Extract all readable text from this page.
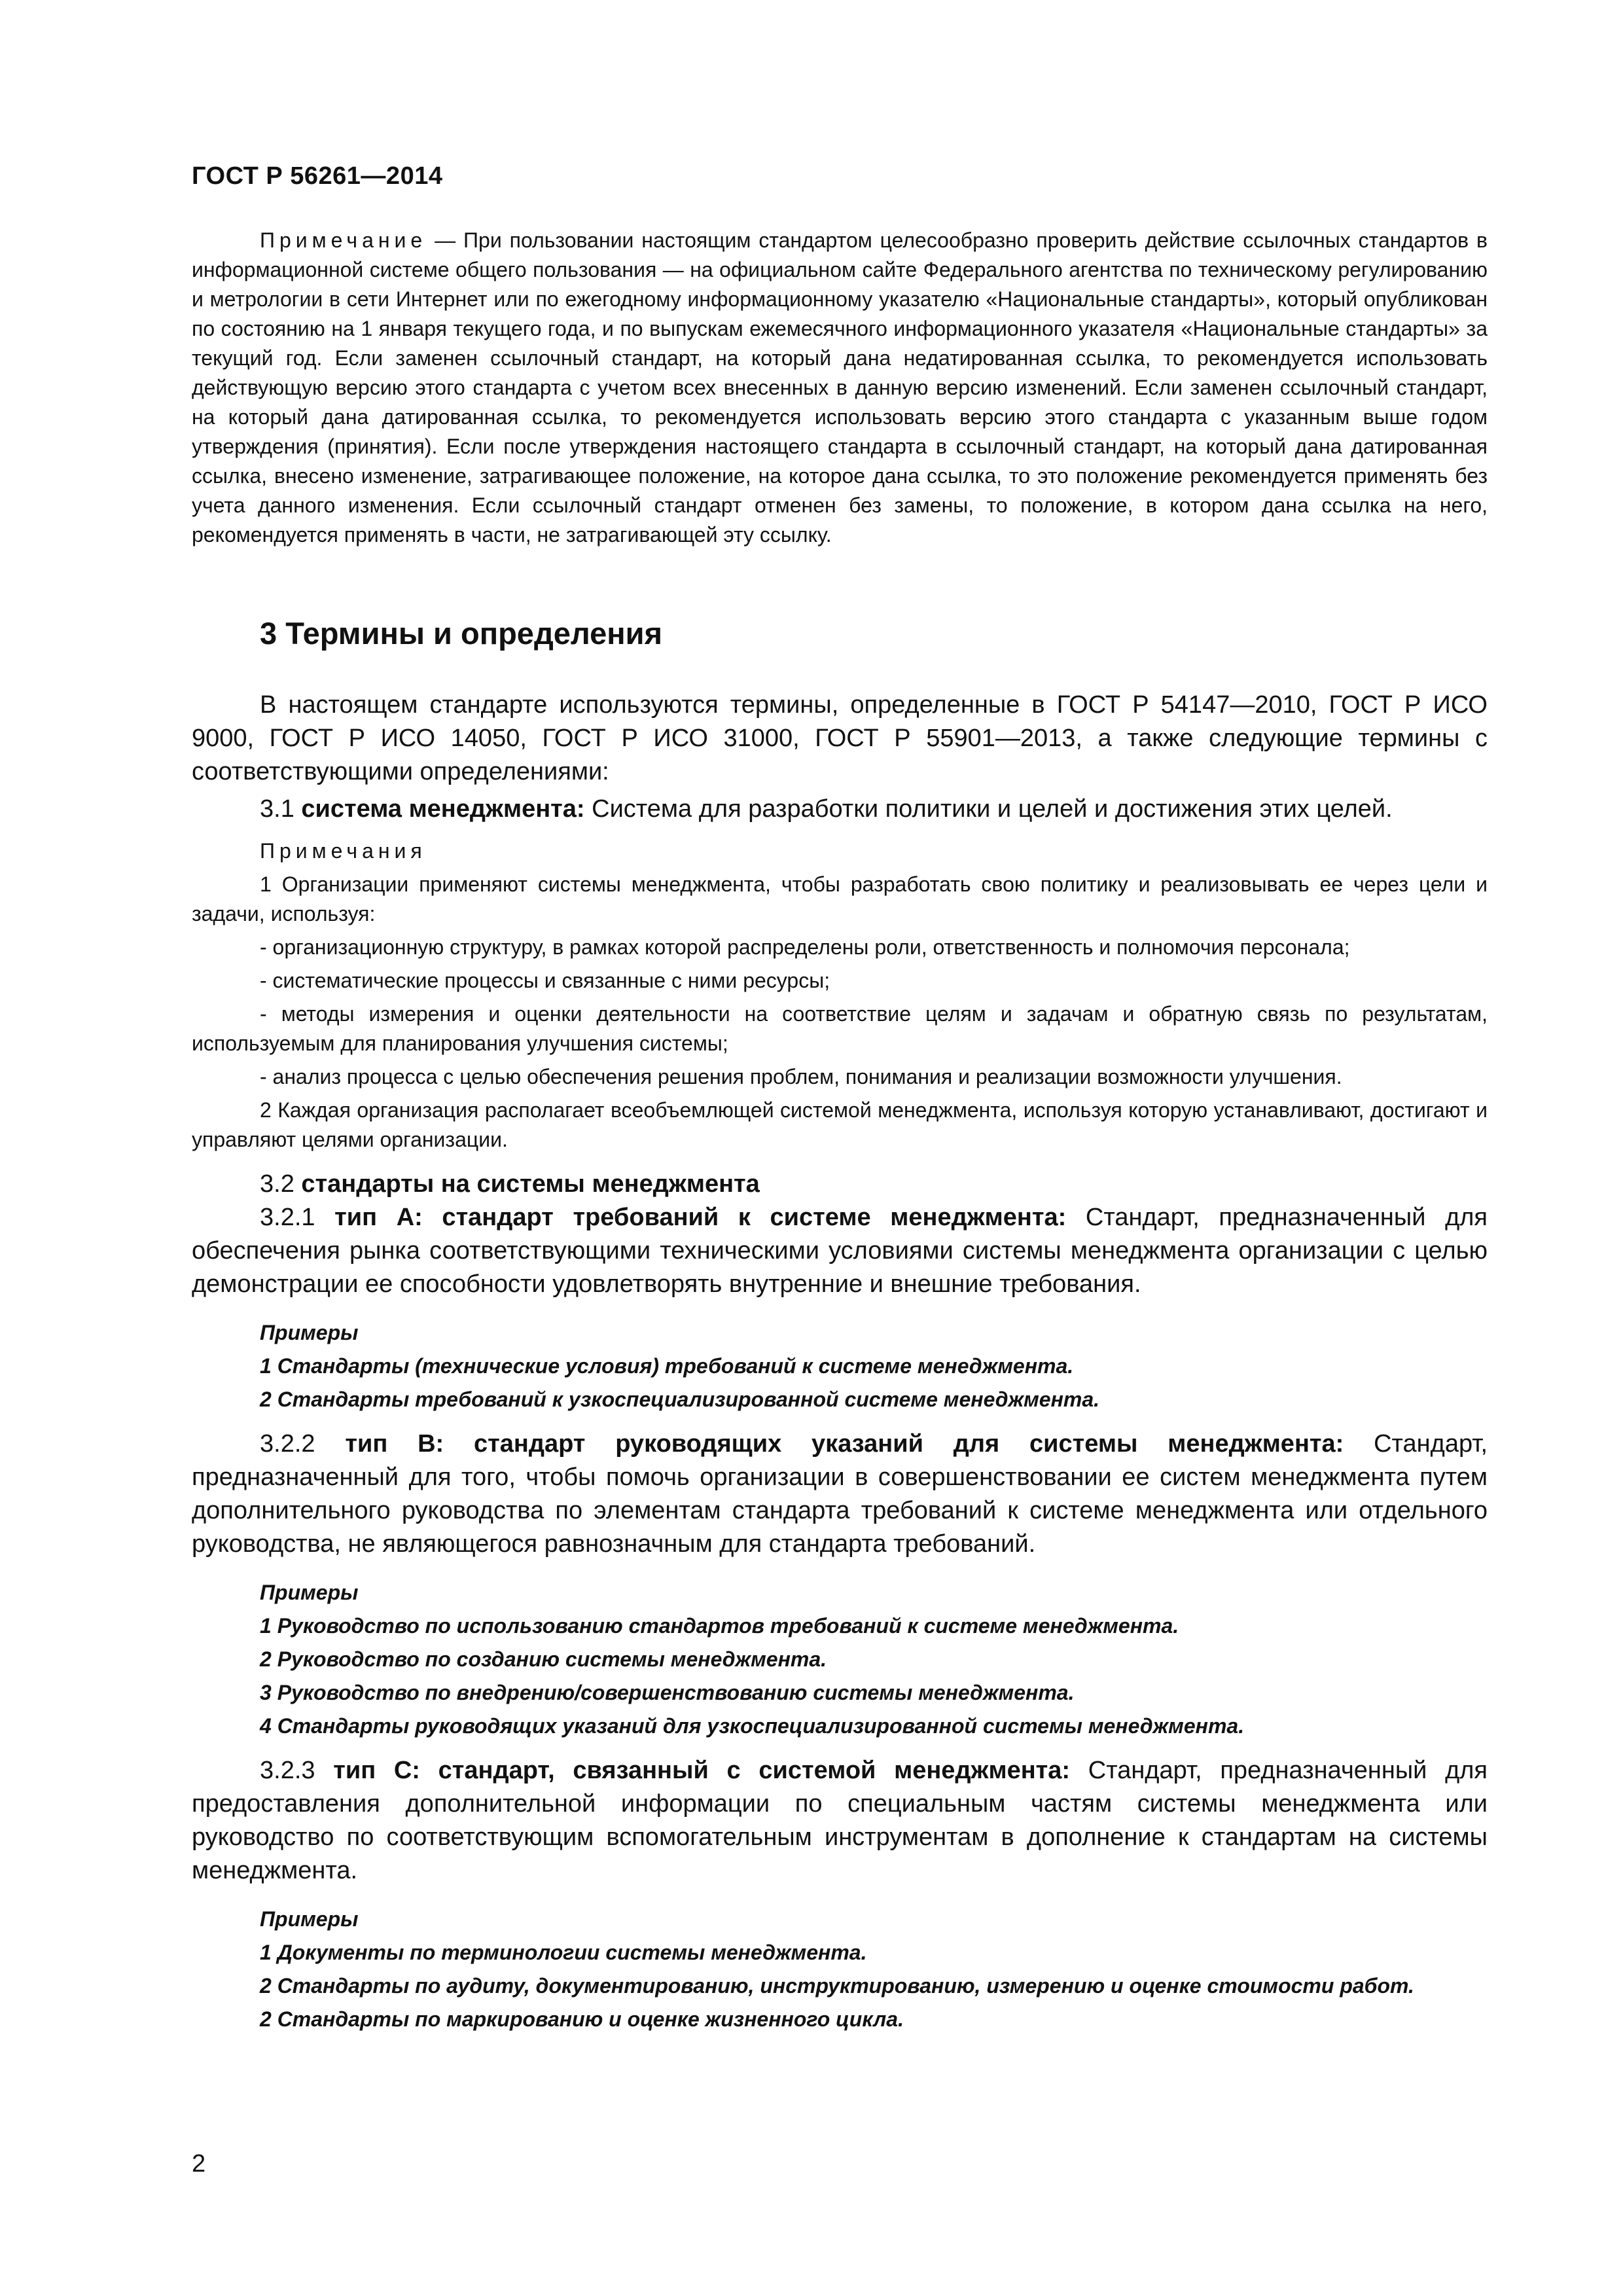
ГОСТ Р 56261—2014

Примечание — При пользовании настоящим стандартом целесообразно проверить действие ссылочных стандартов в информационной системе общего пользования — на официальном сайте Федерального агентства по техническому регулированию и метрологии в сети Интернет или по ежегодному информационному указателю «Национальные стандарты», который опубликован по состоянию на 1 января текущего года, и по выпускам ежемесячного информационного указателя «Национальные стандарты» за текущий год. Если заменен ссылочный стандарт, на который дана недатированная ссылка, то рекомендуется использовать действующую версию этого стандарта с учетом всех внесенных в данную версию изменений. Если заменен ссылочный стандарт, на который дана датированная ссылка, то рекомендуется использовать версию этого стандарта с указанным выше годом утверждения (принятия). Если после утверждения настоящего стандарта в ссылочный стандарт, на который дана датированная ссылка, внесено изменение, затрагивающее положение, на которое дана ссылка, то это положение рекомендуется применять без учета данного изменения. Если ссылочный стандарт отменен без замены, то положение, в котором дана ссылка на него, рекомендуется применять в части, не затрагивающей эту ссылку.

3 Термины и определения

В настоящем стандарте используются термины, определенные в ГОСТ Р 54147—2010, ГОСТ Р ИСО 9000, ГОСТ Р ИСО 14050, ГОСТ Р ИСО 31000, ГОСТ Р 55901—2013, а также следующие термины с соответствующими определениями:

3.1 система менеджмента: Система для разработки политики и целей и достижения этих целей.

Примечания

1 Организации применяют системы менеджмента, чтобы разработать свою политику и реализовывать ее через цели и задачи, используя:

- организационную структуру, в рамках которой распределены роли, ответственность и полномочия персонала;

- систематические процессы и связанные с ними ресурсы;

- методы измерения и оценки деятельности на соответствие целям и задачам и обратную связь по результатам, используемым для планирования улучшения системы;

- анализ процесса с целью обеспечения решения проблем, понимания и реализации возможности улучшения.

2 Каждая организация располагает всеобъемлющей системой менеджмента, используя которую устанавливают, достигают и управляют целями организации.

3.2 стандарты на системы менеджмента

3.2.1 тип А: стандарт требований к системе менеджмента: Стандарт, предназначенный для обеспечения рынка соответствующими техническими условиями системы менеджмента организации с целью демонстрации ее способности удовлетворять внутренние и внешние требования.

Примеры

1 Стандарты (технические условия) требований к системе менеджмента.

2 Стандарты требований к узкоспециализированной системе менеджмента.

3.2.2 тип В: стандарт руководящих указаний для системы менеджмента: Стандарт, предназначенный для того, чтобы помочь организации в совершенствовании ее систем менеджмента путем дополнительного руководства по элементам стандарта требований к системе менеджмента или отдельного руководства, не являющегося равнозначным для стандарта требований.

Примеры

1 Руководство по использованию стандартов требований к системе менеджмента.

2 Руководство по созданию системы менеджмента.

3 Руководство по внедрению/совершенствованию системы менеджмента.

4 Стандарты руководящих указаний для узкоспециализированной системы менеджмента.

3.2.3 тип С: стандарт, связанный с системой менеджмента: Стандарт, предназначенный для предоставления дополнительной информации по специальным частям системы менеджмента или руководство по соответствующим вспомогательным инструментам в дополнение к стандартам на системы менеджмента.

Примеры

1 Документы по терминологии системы менеджмента.

2 Стандарты по аудиту, документированию, инструктированию, измерению и оценке стоимости работ.

2 Стандарты по маркированию и оценке жизненного цикла.

2
